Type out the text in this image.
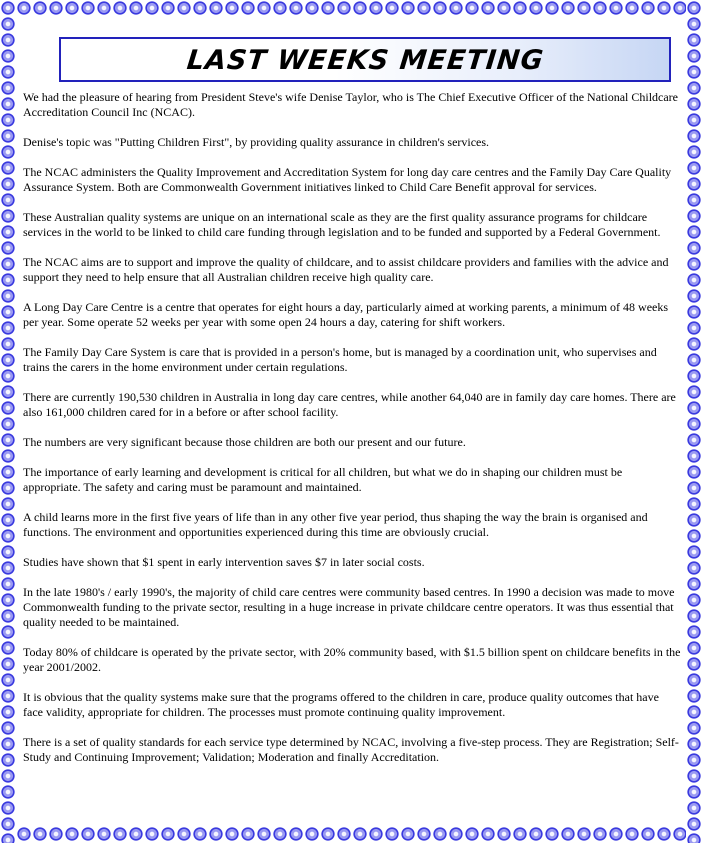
LAST WEEKS MEETING

We had the pleasure of hearing from President Steve's wife Denise Taylor, who is The Chief Executive Officer of the National Childcare Accreditation Council Inc (NCAC).

Denise's topic was "Putting Children First", by providing quality assurance in children's services.

The NCAC administers the Quality Improvement and Accreditation System for long day care centres and the Family Day Care Quality Assurance System. Both are Commonwealth Government initiatives linked to Child Care Benefit approval for services.

These Australian quality systems are unique on an international scale as they are the first quality assurance programs for childcare services in the world to be linked to child care funding through legislation and to be funded and supported by a Federal Government.

The NCAC aims are to support and improve the quality of childcare, and to assist childcare providers and families with the advice and support they need to help ensure that all Australian children receive high quality care.

A Long Day Care Centre is a centre that operates for eight hours a day, particularly aimed at working parents, a minimum of 48 weeks per year. Some operate 52 weeks per year with some open 24 hours a day, catering for shift workers.

The Family Day Care System is care that is provided in a person's home, but is managed by a coordination unit, who supervises and trains the carers in the home environment under certain regulations.

There are currently 190,530 children in Australia in long day care centres, while another 64,040 are in family day care homes. There are also 161,000 children cared for in a before or after school facility.

The numbers are very significant because those children are both our present and our future.

The importance of early learning and development is critical for all children, but what we do in shaping our children must be appropriate. The safety and caring must be paramount and maintained.

A child learns more in the first five years of life than in any other five year period, thus shaping the way the brain is organised and functions. The environment and opportunities experienced during this time are obviously crucial.

Studies have shown that $1 spent in early intervention saves $7 in later social costs.

In the late 1980's / early 1990's, the majority of child care centres were community based centres. In 1990 a decision was made to move Commonwealth funding to the private sector, resulting in a huge increase in private childcare centre operators. It was thus essential that quality needed to be maintained.

Today 80% of childcare is operated by the private sector, with 20% community based, with $1.5 billion spent on childcare benefits in the year 2001/2002.

It is obvious that the quality systems make sure that the programs offered to the children in care, produce quality outcomes that have face validity, appropriate for children. The processes must promote continuing quality improvement.

There is a set of quality standards for each service type determined by NCAC, involving a five-step process. They are Registration; Self-Study and Continuing Improvement; Validation; Moderation and finally Accreditation.
